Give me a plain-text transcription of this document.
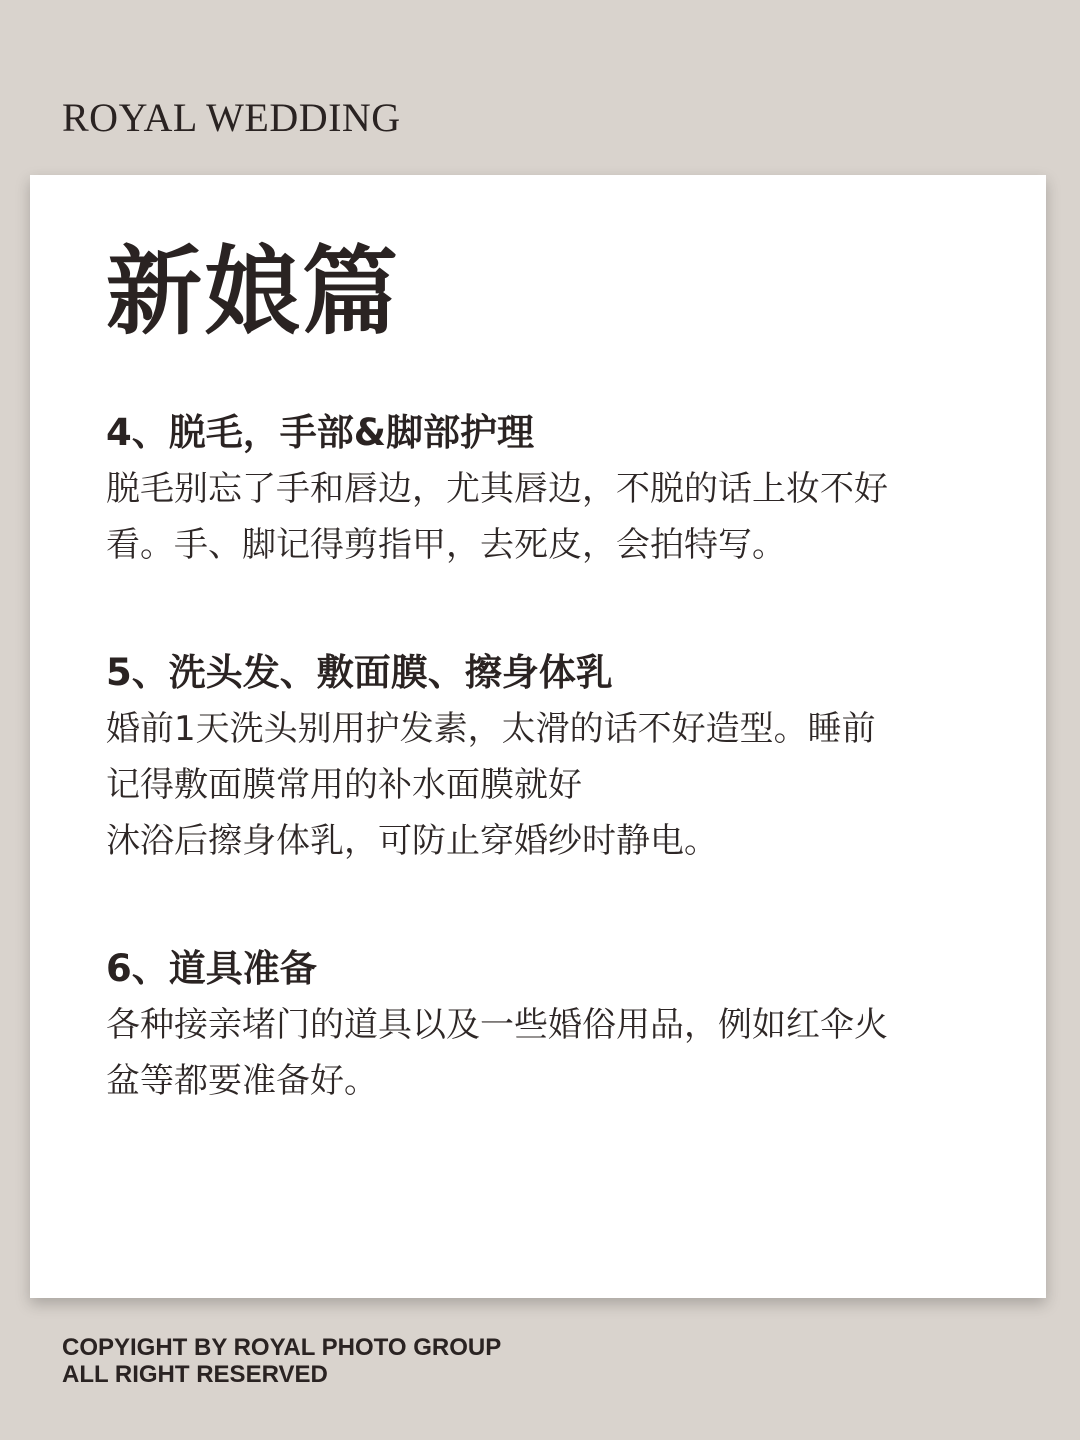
ROYAL WEDDING
新娘篇
4、脱毛，手部&脚部护理
脱毛别忘了手和唇边，尤其唇边，不脱的话上妆不好
看。手、脚记得剪指甲，去死皮，会拍特写。
5、洗头发、敷面膜、擦身体乳
婚前1天洗头别用护发素，太滑的话不好造型。睡前
记得敷面膜常用的补水面膜就好
沐浴后擦身体乳，可防止穿婚纱时静电。
6、道具准备
各种接亲堵门的道具以及一些婚俗用品，例如红伞火
盆等都要准备好。
COPYIGHT BY ROYAL PHOTO GROUP
ALL RIGHT RESERVED
